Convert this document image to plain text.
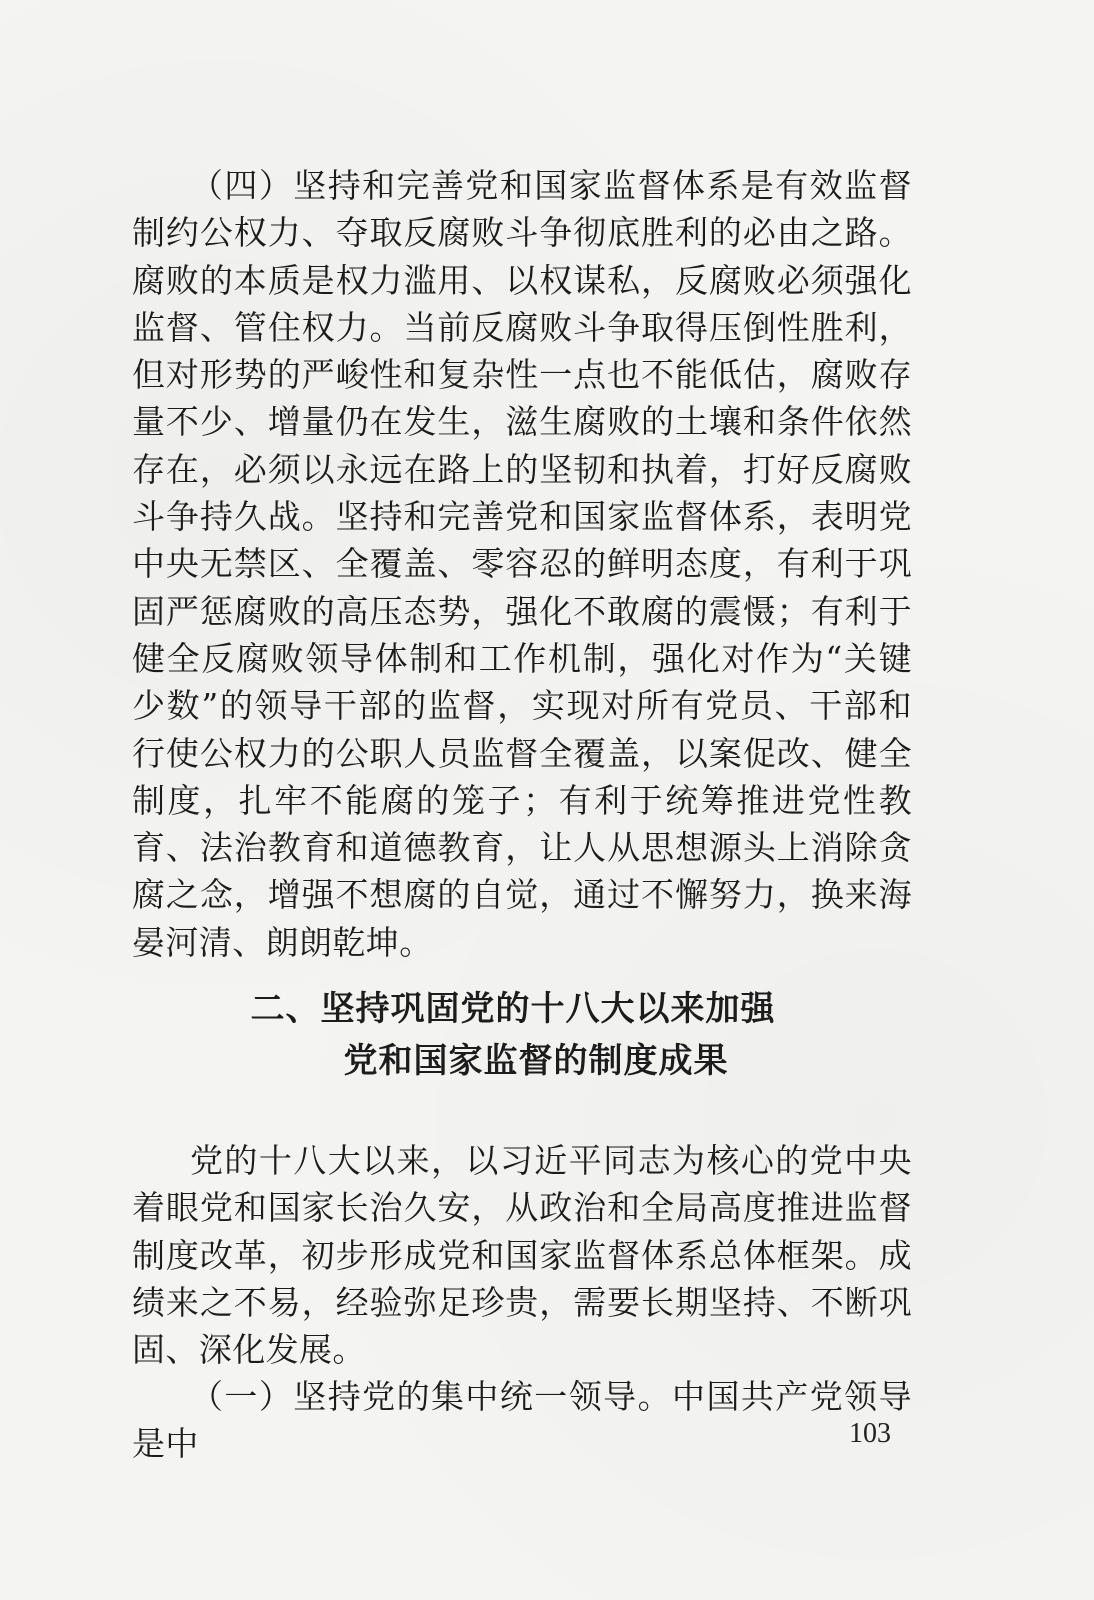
（四）坚持和完善党和国家监督体系是有效监督制约公权力、夺取反腐败斗争彻底胜利的必由之路。腐败的本质是权力滥用、以权谋私，反腐败必须强化监督、管住权力。当前反腐败斗争取得压倒性胜利，但对形势的严峻性和复杂性一点也不能低估，腐败存量不少、增量仍在发生，滋生腐败的土壤和条件依然存在，必须以永远在路上的坚韧和执着，打好反腐败斗争持久战。坚持和完善党和国家监督体系，表明党中央无禁区、全覆盖、零容忍的鲜明态度，有利于巩固严惩腐败的高压态势，强化不敢腐的震慑；有利于健全反腐败领导体制和工作机制，强化对作为“关键少数”的领导干部的监督，实现对所有党员、干部和行使公权力的公职人员监督全覆盖，以案促改、健全制度，扎牢不能腐的笼子；有利于统筹推进党性教育、法治教育和道德教育，让人从思想源头上消除贪腐之念，增强不想腐的自觉，通过不懈努力，换来海晏河清、朗朗乾坤。

二、坚持巩固党的十八大以来加强
党和国家监督的制度成果

党的十八大以来，以习近平同志为核心的党中央着眼党和国家长治久安，从政治和全局高度推进监督制度改革，初步形成党和国家监督体系总体框架。成绩来之不易，经验弥足珍贵，需要长期坚持、不断巩固、深化发展。

（一）坚持党的集中统一领导。中国共产党领导是中	103
